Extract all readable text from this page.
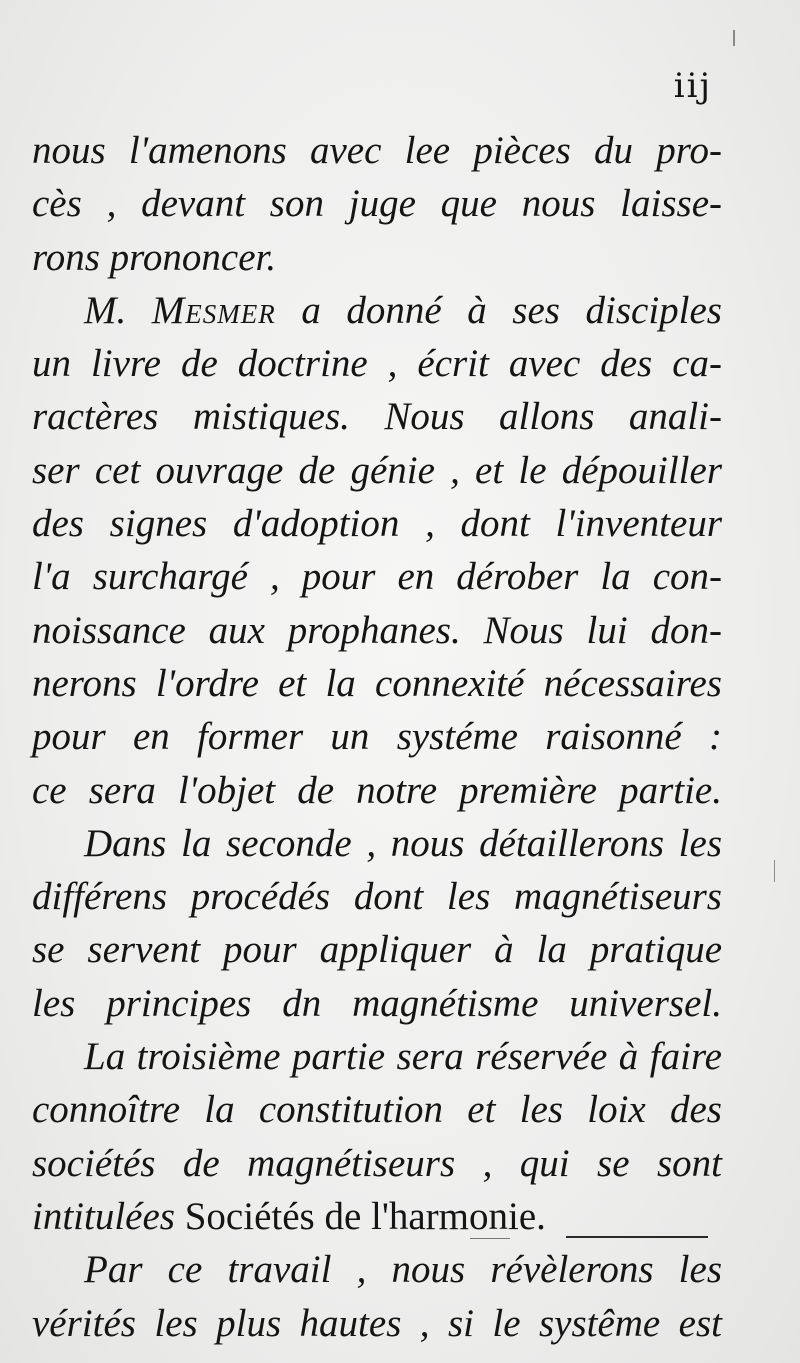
iij
nous l'amenons avec lee pièces du pro-
cès , devant son juge que nous laisse-
rons prononcer.
M. Mesmer a donné à ses disciples
un livre de doctrine , écrit avec des ca-
ractères mistiques. Nous allons anali-
ser cet ouvrage de génie , et le dépouiller
des signes d'adoption , dont l'inventeur
l'a surchargé , pour en dérober la con-
noissance aux prophanes. Nous lui don-
nerons l'ordre et la connexité nécessaires
pour en former un systéme raisonné :
ce sera l'objet de notre première partie.
Dans la seconde , nous détaillerons les
différens procédés dont les magnétiseurs
se servent pour appliquer à la pratique
les principes dn magnétisme universel.
La troisième partie sera réservée à faire
connoître la constitution et les loix des
sociétés de magnétiseurs , qui se sont
intitulées Sociétés de l'harmonie.
Par ce travail , nous révèlerons les
vérités les plus hautes , si le systême est
